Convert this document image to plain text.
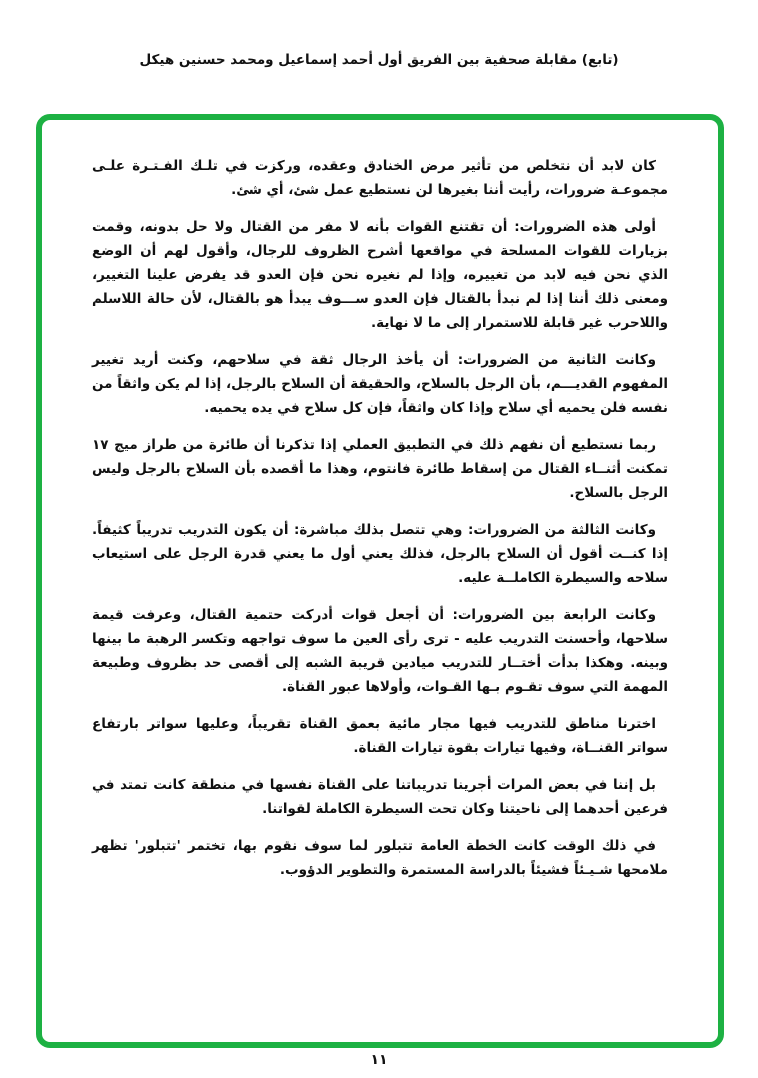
(تابع) مقابلة صحفية بين الفريق أول أحمد إسماعيل ومحمد حسنين هيكل

كان لابد أن نتخلص من تأثير مرض الخنادق وعقده، وركزت في تلـك الفـتـرة علـى مجموعـة ضرورات، رأيت أننا بغيرها لن نستطيع عمل شئ، أي شئ.

أولى هذه الضرورات: أن تقتنع القوات بأنه لا مفر من القتال ولا حل بدونه، وقمت بزيارات للقوات المسلحة في مواقعها أشرح الظروف للرجال، وأقول لهم أن الوضع الذي نحن فيه لابد من تغييره، وإذا لم نغيره نحن فإن العدو قد يفرض علينا التغيير، ومعنى ذلك أننا إذا لم نبدأ بالقتال فإن العدو ســـوف يبدأ هو بالقتال، لأن حالة اللاسلم واللاحرب غير قابلة للاستمرار إلى ما لا نهاية.

وكانت الثانية من الضرورات: أن يأخذ الرجال ثقة في سلاحهم، وكنت أريد تغيير المفهوم القديـــم، بأن الرجل بالسلاح، والحقيقة أن السلاح بالرجل، إذا لم يكن واثقاً من نفسه فلن يحميه أي سلاح وإذا كان واثقاً، فإن كل سلاح في يده يحميه.

ربما نستطيع أن نفهم ذلك في التطبيق العملي إذا تذكرنا أن طائرة من طراز ميج ١٧ تمكنت أثنــاء القتال من إسقاط طائرة فانتوم، وهذا ما أقصده بأن السلاح بالرجل وليس الرجل بالسلاح.

وكانت الثالثة من الضرورات: وهي تتصل بذلك مباشرة: أن يكون التدريب تدريباً كثيفاً. إذا كنــت أقول أن السلاح بالرجل، فذلك يعني أول ما يعني قدرة الرجل على استيعاب سلاحه والسيطرة الكاملــة عليه.

وكانت الرابعة بين الضرورات: أن أجعل قوات أدركت حتمية القتال، وعرفت قيمة سلاحها، وأحسنت التدريب عليه - ترى رأى العين ما سوف تواجهه وتكسر الرهبة ما بينها وبينه. وهكذا بدأت أختــار للتدريب ميادين قريبة الشبه إلى أقصى حد بظروف وطبيعة المهمة التي سوف تقـوم بـها القـوات، وأولاها عبور القناة.

اخترنا مناطق للتدريب فيها مجار مائية بعمق القناة تقريباً، وعليها سواتر بارتفاع سواتر القنــاة، وفيها تيارات بقوة تيارات القناة.

بل إننا في بعض المرات أجرينا تدريباتنا على القناة نفسها في منطقة كانت تمتد في فرعين أحدهما إلى ناحيتنا وكان تحت السيطرة الكاملة لقواتنا.

في ذلك الوقت كانت الخطة العامة تتبلور لما سوف نقوم بها، تختمر 'تتبلور' تظهر ملامحها شـيـئاً فشيئاً بالدراسة المستمرة والتطوير الدؤوب.

١١
